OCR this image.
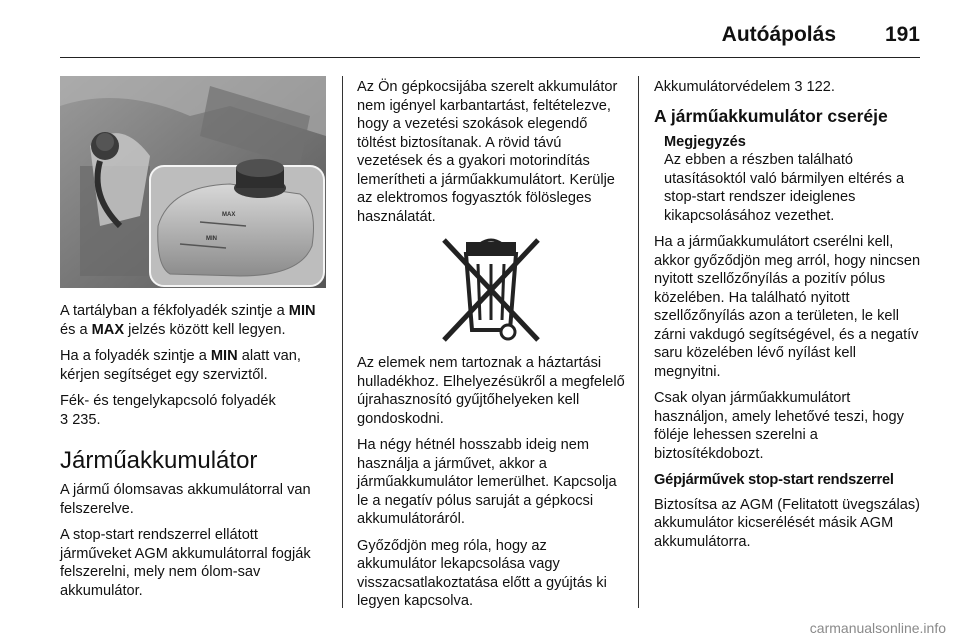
Autóápolás 191
MAX
MIN

A tartályban a fékfolyadék szintje a MIN és a MAX jelzés között kell legyen.

Ha a folyadék szintje a MIN alatt van, kérjen segítséget egy szerviztől.

Fék- és tengelykapcsoló folyadék
3 235.

Járműakkumulátor

A jármű ólomsavas akkumulátorral van felszerelve.

A stop-start rendszerrel ellátott járműveket AGM akkumulátorral fogják felszerelni, mely nem ólom-sav akkumulátor.

Az Ön gépkocsijába szerelt akkumulátor nem igényel karbantartást, feltételezve, hogy a vezetési szokások elegendő töltést biztosítanak. A rövid távú vezetések és a gyakori motorindítás lemerítheti a járműakkumulátort. Kerülje az elektromos fogyasztók fölösleges használatát.

Az elemek nem tartoznak a háztartási hulladékhoz. Elhelyezésükről a megfelelő újrahasznosító gyűjtőhelyeken kell gondoskodni.

Ha négy hétnél hosszabb ideig nem használja a járművet, akkor a járműakkumulátor lemerülhet. Kapcsolja le a negatív pólus saruját a gépkocsi akkumulátoráról.

Győződjön meg róla, hogy az akkumulátor lekapcsolása vagy visszacsatlakoztatása előtt a gyújtás ki legyen kapcsolva.

Akkumulátorvédelem 3 122.

A járműakkumulátor cseréje
Megjegyzés
Az ebben a részben található utasításoktól való bármilyen eltérés a stop-start rendszer ideiglenes kikapcsolásához vezethet.

Ha a járműakkumulátort cserélni kell, akkor győződjön meg arról, hogy nincsen nyitott szellőzőnyílás a pozitív pólus közelében. Ha található nyitott szellőzőnyílás azon a területen, le kell zárni vakdugó segítségével, és a negatív saru közelében lévő nyílást kell megnyitni.

Csak olyan járműakkumulátort használjon, amely lehetővé teszi, hogy föléje lehessen szerelni a biztosítékdobozt.

Gépjárművek stop-start rendszerrel

Biztosítsa az AGM (Felitatott üvegszálas) akkumulátor kicserélését másik AGM akkumulátorra.

carmanualsonline.info
